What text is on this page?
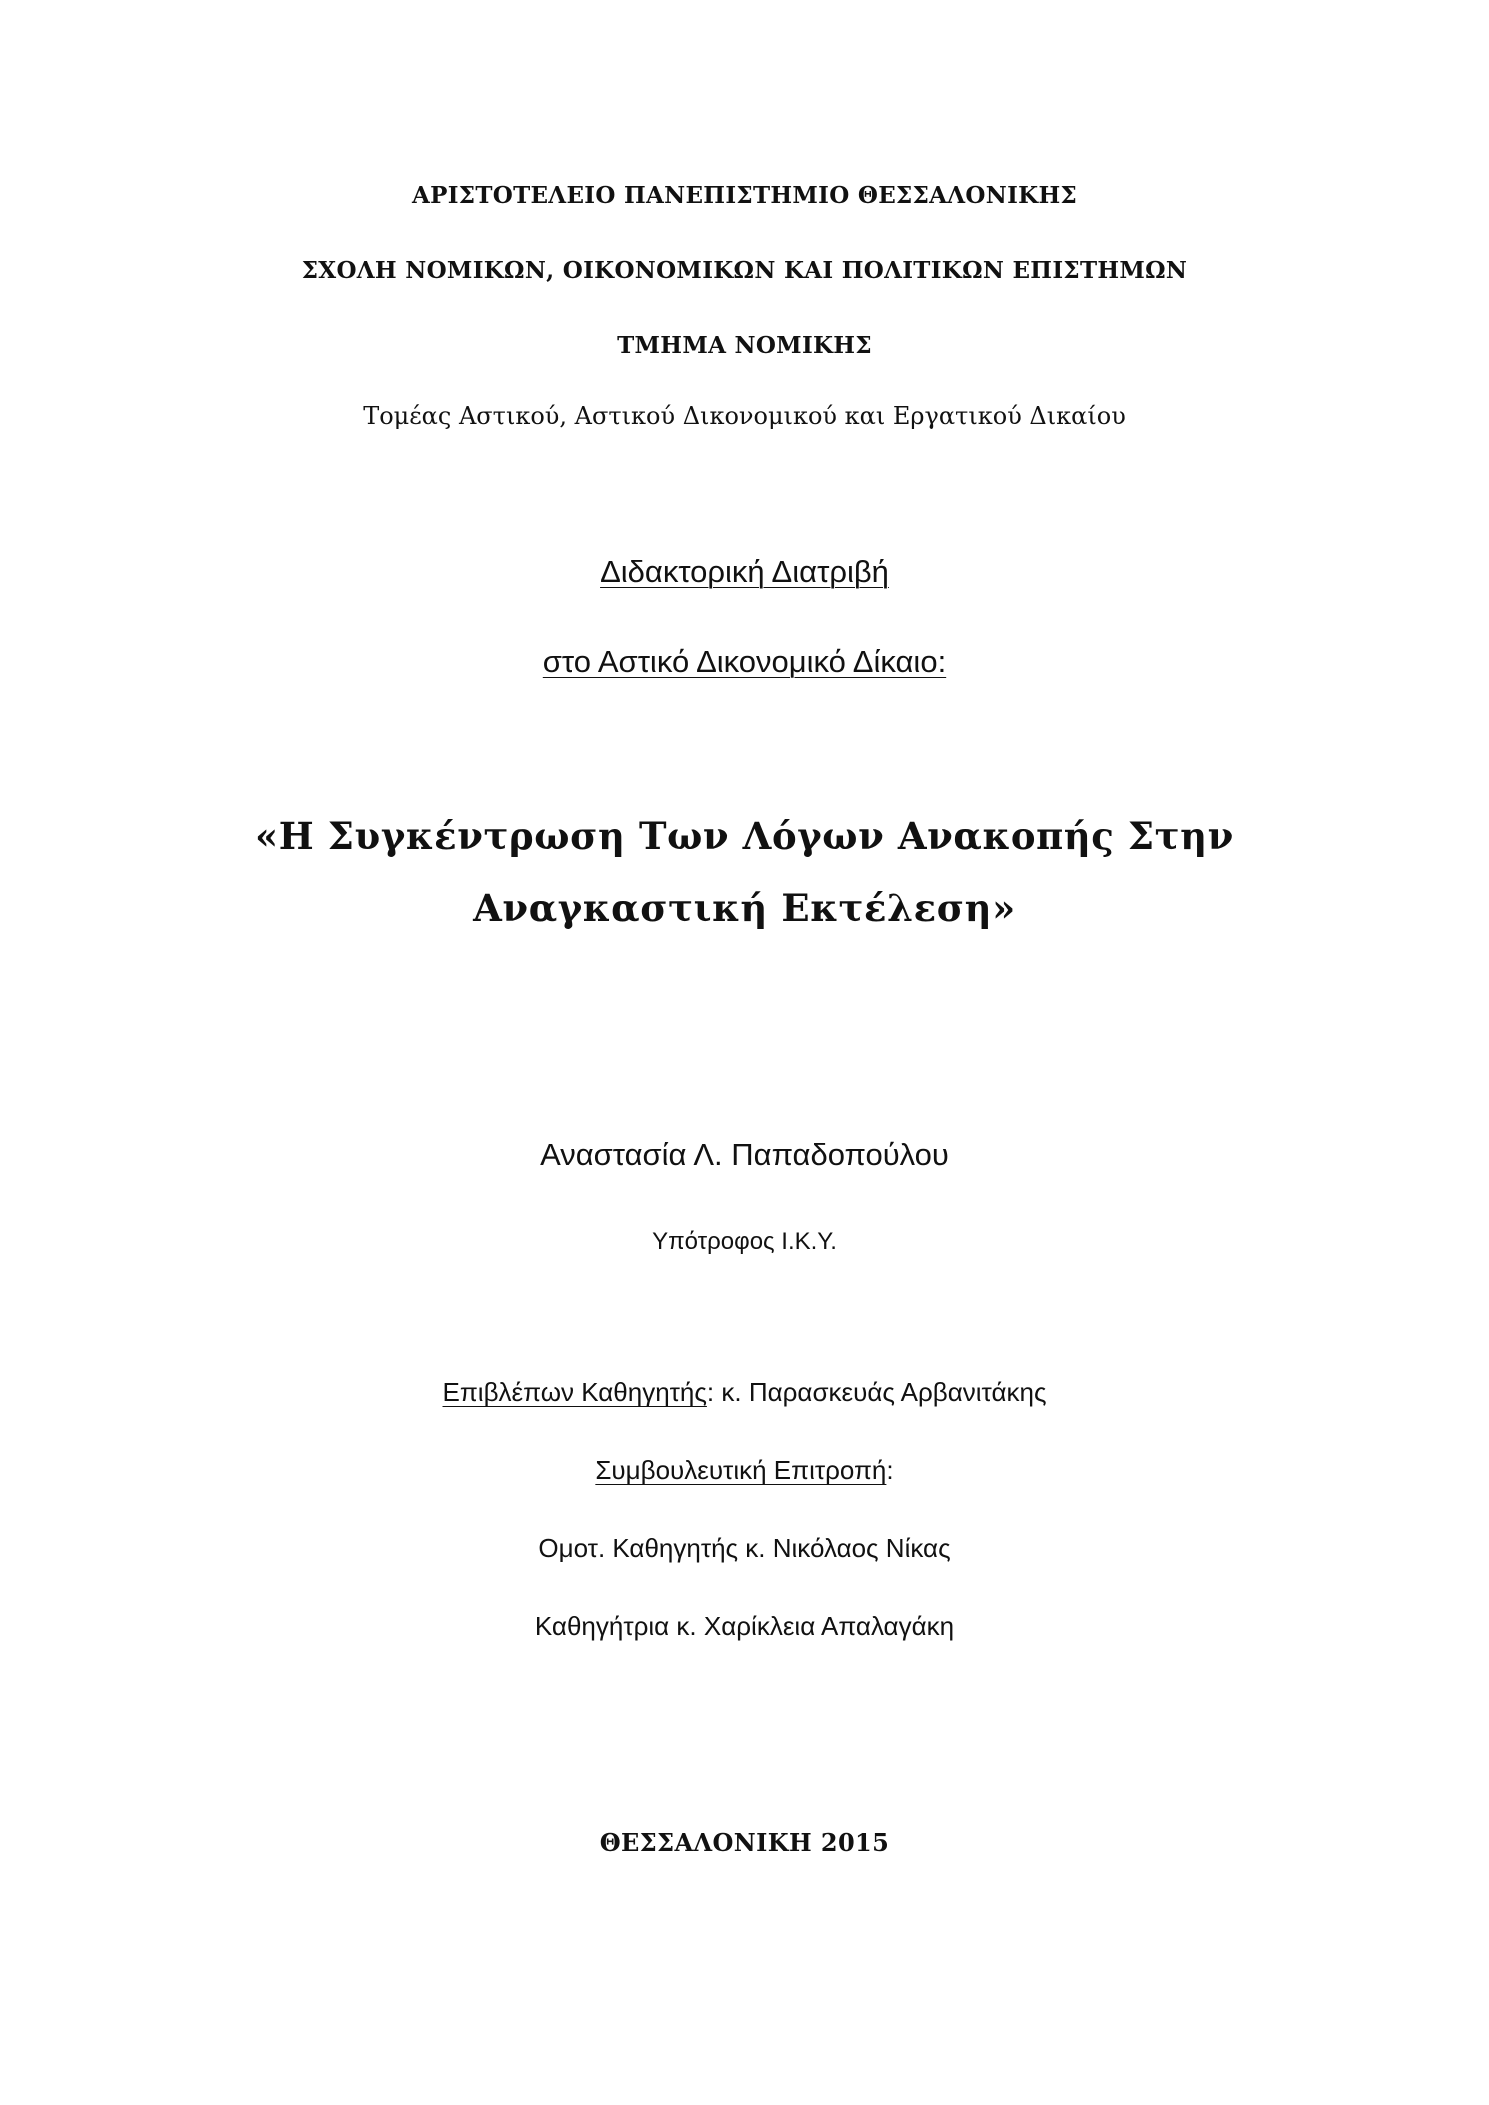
ΑΡΙΣΤΟΤΕΛΕΙΟ ΠΑΝΕΠΙΣΤΗΜΙΟ ΘΕΣΣΑΛΟΝΙΚΗΣ
ΣΧΟΛΗ ΝΟΜΙΚΩΝ, ΟΙΚΟΝΟΜΙΚΩΝ ΚΑΙ ΠΟΛΙΤΙΚΩΝ ΕΠΙΣΤΗΜΩΝ
ΤΜΗΜΑ ΝΟΜΙΚΗΣ
Τομέας Αστικού, Αστικού Δικονομικού και Εργατικού Δικαίου
Διδακτορική Διατριβή
στο Αστικό Δικονομικό Δίκαιο:
«Η Συγκέντρωση Των Λόγων Ανακοπής Στην
Αναγκαστική Εκτέλεση»
Αναστασία Λ. Παπαδοπούλου
Υπότροφος Ι.Κ.Υ.
Επιβλέπων Καθηγητής: κ. Παρασκευάς Αρβανιτάκης
Συμβουλευτική Επιτροπή:
Ομοτ. Καθηγητής κ. Νικόλαος Νίκας
Καθηγήτρια κ. Χαρίκλεια Απαλαγάκη
ΘΕΣΣΑΛΟΝΙΚΗ 2015
